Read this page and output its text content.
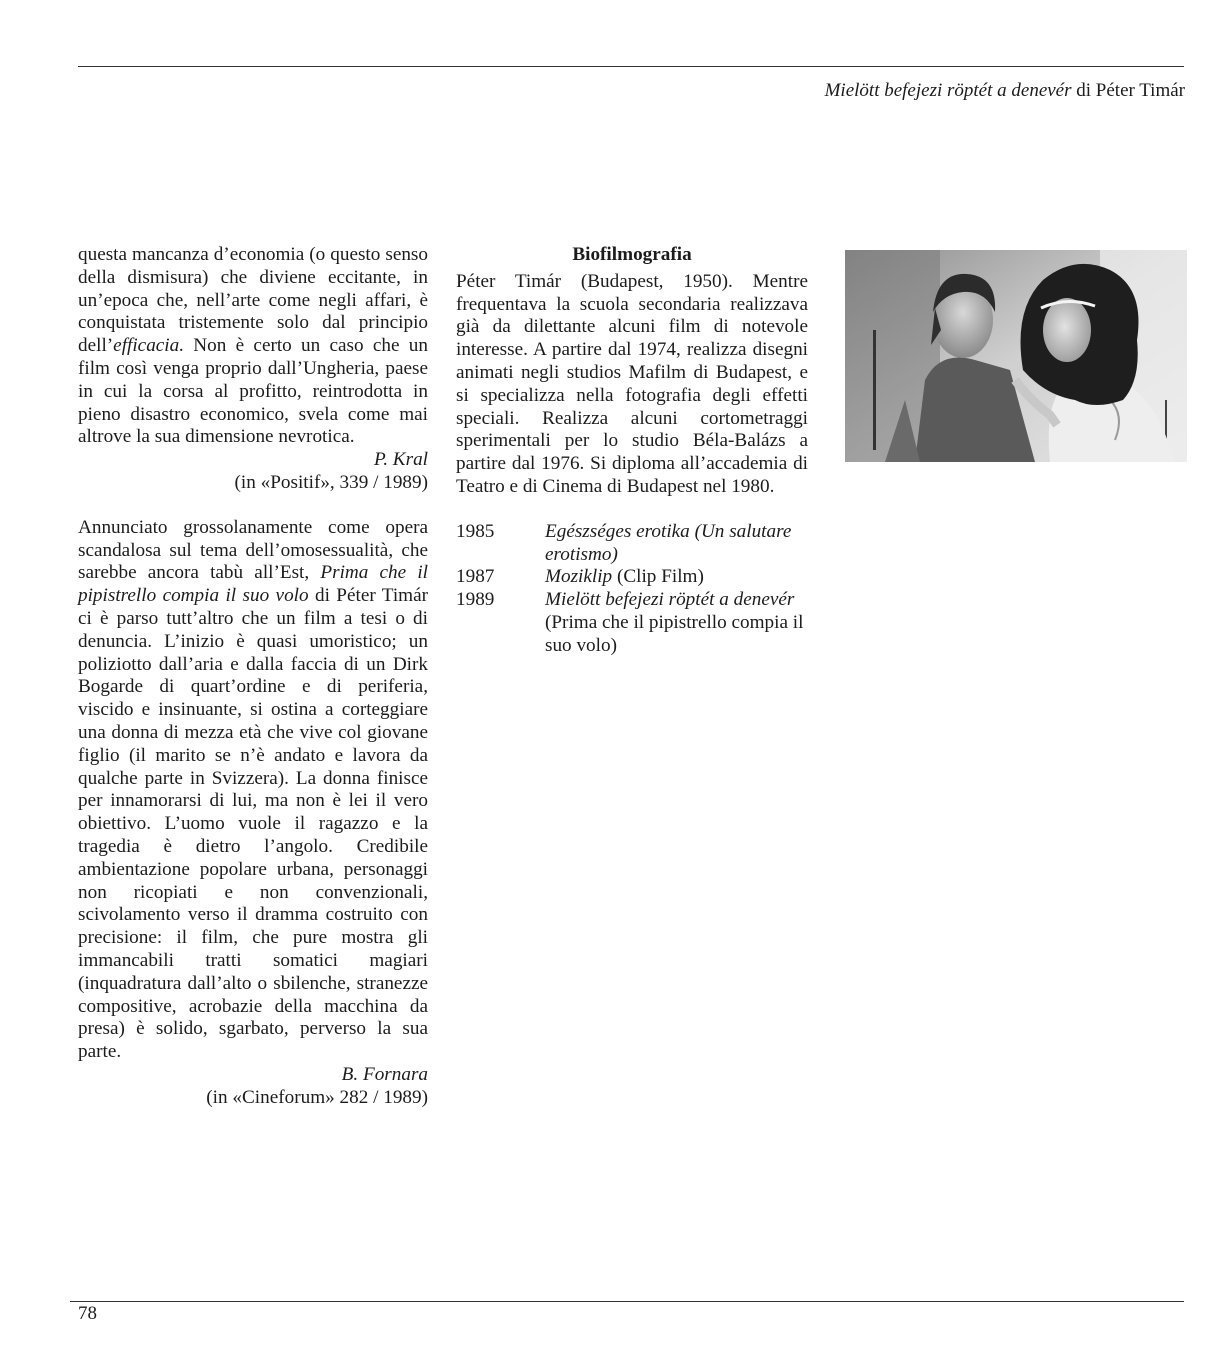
Mielött befejezi röptét a denevér di Péter Timár

questa mancanza d’economia (o questo senso della dismisura) che diviene eccitante, in un’epoca che, nell’arte come negli affari, è conquistata tristemente solo dal principio dell’efficacia. Non è certo un caso che un film così venga proprio dall’Ungheria, paese in cui la corsa al profitto, reintrodotta in pieno disastro economico, svela come mai altrove la sua dimensione nevrotica.

P. Kral

(in «Positif», 339 / 1989)

Annunciato grossolanamente come opera scandalosa sul tema dell’omosessualità, che sarebbe ancora tabù all’Est, Prima che il pipistrello compia il suo volo di Péter Timár ci è parso tutt’altro che un film a tesi o di denuncia. L’inizio è quasi umoristico; un poliziotto dall’aria e dalla faccia di un Dirk Bogarde di quart’ordine e di periferia, viscido e insinuante, si ostina a corteggiare una donna di mezza età che vive col giovane figlio (il marito se n’è andato e lavora da qualche parte in Svizzera). La donna finisce per innamorarsi di lui, ma non è lei il vero obiettivo. L’uomo vuole il ragazzo e la tragedia è dietro l’angolo. Credibile ambientazione popolare urbana, personaggi non ricopiati e non convenzionali, scivolamento verso il dramma costruito con precisione: il film, che pure mostra gli immancabili tratti somatici magiari (inquadratura dall’alto o sbilenche, stranezze compositive, acrobazie della macchina da presa) è solido, sgarbato, perverso la sua parte.

B. Fornara

(in «Cineforum» 282 / 1989)

Biofilmografia

Péter Timár (Budapest, 1950). Mentre frequentava la scuola secondaria realizzava già da dilettante alcuni film di notevole interesse. A partire dal 1974, realizza disegni animati negli studios Mafilm di Budapest, e si specializza nella fotografia degli effetti speciali. Realizza alcuni cortometraggi sperimentali per lo studio Béla-Balázs a partire dal 1976. Si diploma all’accademia di Teatro e di Cinema di Budapest nel 1980.

1985	Egészséges erotika (Un salutare erotismo)
1987	Moziklip (Clip Film)
1989	Mielött befejezi röptét a denevér (Prima che il pipistrello compia il suo volo)
78
